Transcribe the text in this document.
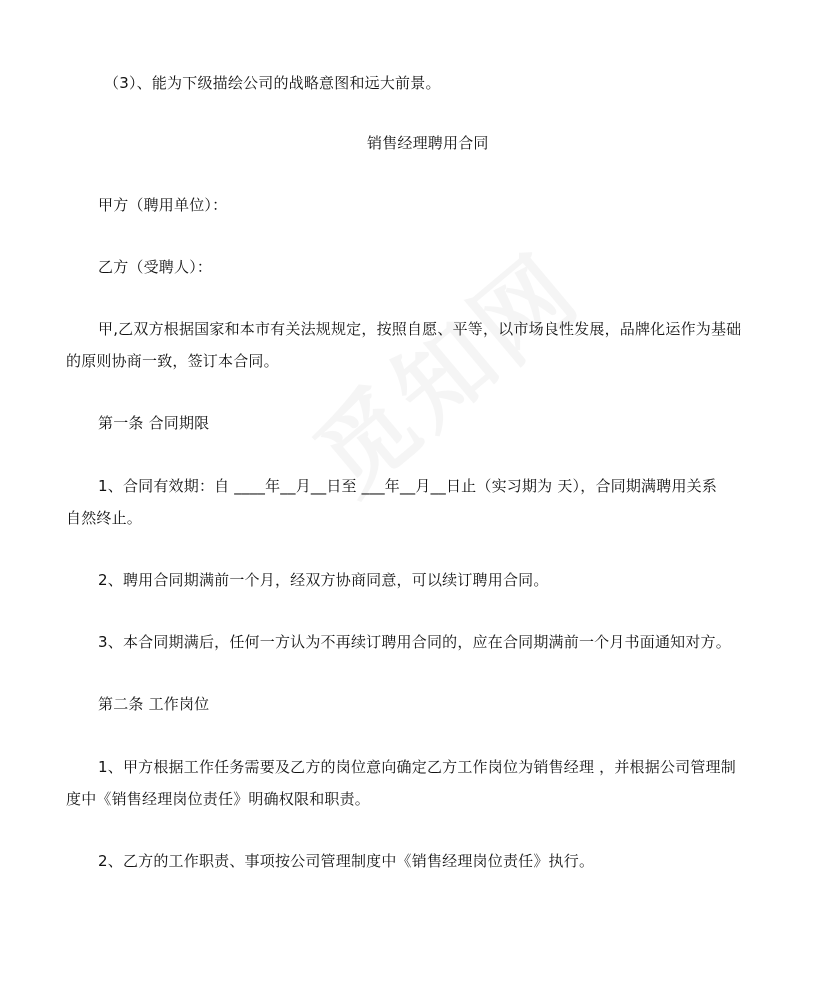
（3）、能为下级描绘公司的战略意图和远大前景。
销售经理聘用合同
甲方（聘用单位）：
乙方（受聘人）：
甲,乙双方根据国家和本市有关法规规定，按照自愿、平等，以市场良性发展，品牌化运作为基础
的原则协商一致，签订本合同。
第一条 合同期限
1、合同有效期：自 ____年__月__日至 ___年__月__日止（实习期为 天），合同期满聘用关系
自然终止。
2、聘用合同期满前一个月，经双方协商同意，可以续订聘用合同。
3、本合同期满后，任何一方认为不再续订聘用合同的，应在合同期满前一个月书面通知对方。
第二条 工作岗位
1、甲方根据工作任务需要及乙方的岗位意向确定乙方工作岗位为销售经理 ，并根据公司管理制
度中《销售经理岗位责任》明确权限和职责。
2、乙方的工作职责、事项按公司管理制度中《销售经理岗位责任》执行。
